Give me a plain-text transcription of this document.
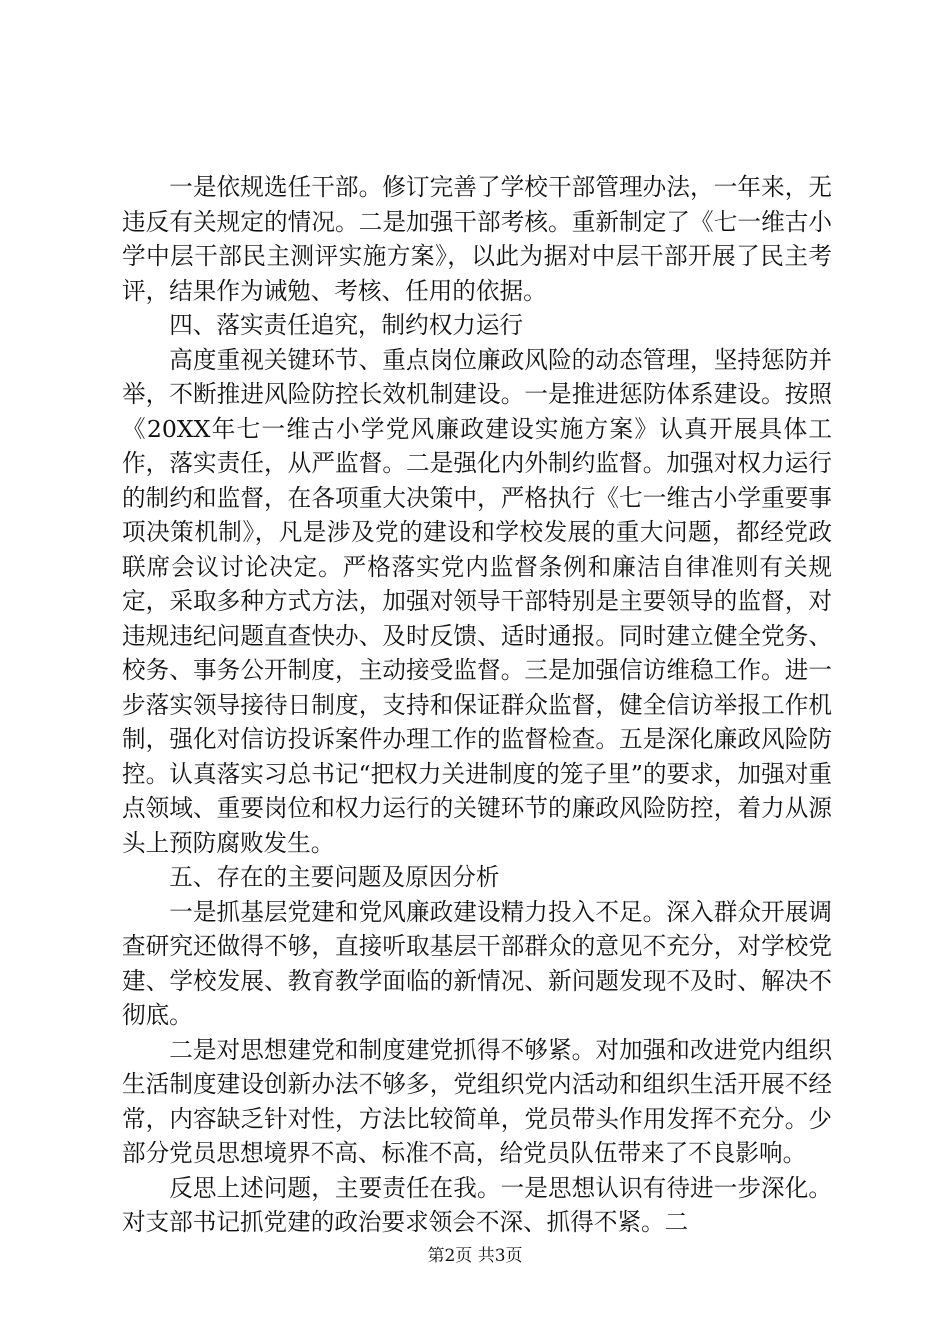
一是依规选任干部。修订完善了学校干部管理办法，一年来，无违反有关规定的情况。二是加强干部考核。重新制定了《七一维古小学中层干部民主测评实施方案》，以此为据对中层干部开展了民主考评，结果作为诫勉、考核、任用的依据。

四、落实责任追究，制约权力运行

高度重视关键环节、重点岗位廉政风险的动态管理，坚持惩防并举，不断推进风险防控长效机制建设。一是推进惩防体系建设。按照《20XX年七一维古小学党风廉政建设实施方案》认真开展具体工作，落实责任，从严监督。二是强化内外制约监督。加强对权力运行的制约和监督，在各项重大决策中，严格执行《七一维古小学重要事项决策机制》，凡是涉及党的建设和学校发展的重大问题，都经党政联席会议讨论决定。严格落实党内监督条例和廉洁自律准则有关规定，采取多种方式方法，加强对领导干部特别是主要领导的监督，对违规违纪问题直查快办、及时反馈、适时通报。同时建立健全党务、校务、事务公开制度，主动接受监督。三是加强信访维稳工作。进一步落实领导接待日制度，支持和保证群众监督，健全信访举报工作机制，强化对信访投诉案件办理工作的监督检查。五是深化廉政风险防控。认真落实习总书记“把权力关进制度的笼子里”的要求，加强对重点领域、重要岗位和权力运行的关键环节的廉政风险防控，着力从源头上预防腐败发生。

五、存在的主要问题及原因分析

一是抓基层党建和党风廉政建设精力投入不足。深入群众开展调查研究还做得不够，直接听取基层干部群众的意见不充分，对学校党建、学校发展、教育教学面临的新情况、新问题发现不及时、解决不彻底。

二是对思想建党和制度建党抓得不够紧。对加强和改进党内组织生活制度建设创新办法不够多，党组织党内活动和组织生活开展不经常，内容缺乏针对性，方法比较简单，党员带头作用发挥不充分。少部分党员思想境界不高、标准不高，给党员队伍带来了不良影响。

反思上述问题，主要责任在我。一是思想认识有待进一步深化。对支部书记抓党建的政治要求领会不深、抓得不紧。二

第2页 共3页
